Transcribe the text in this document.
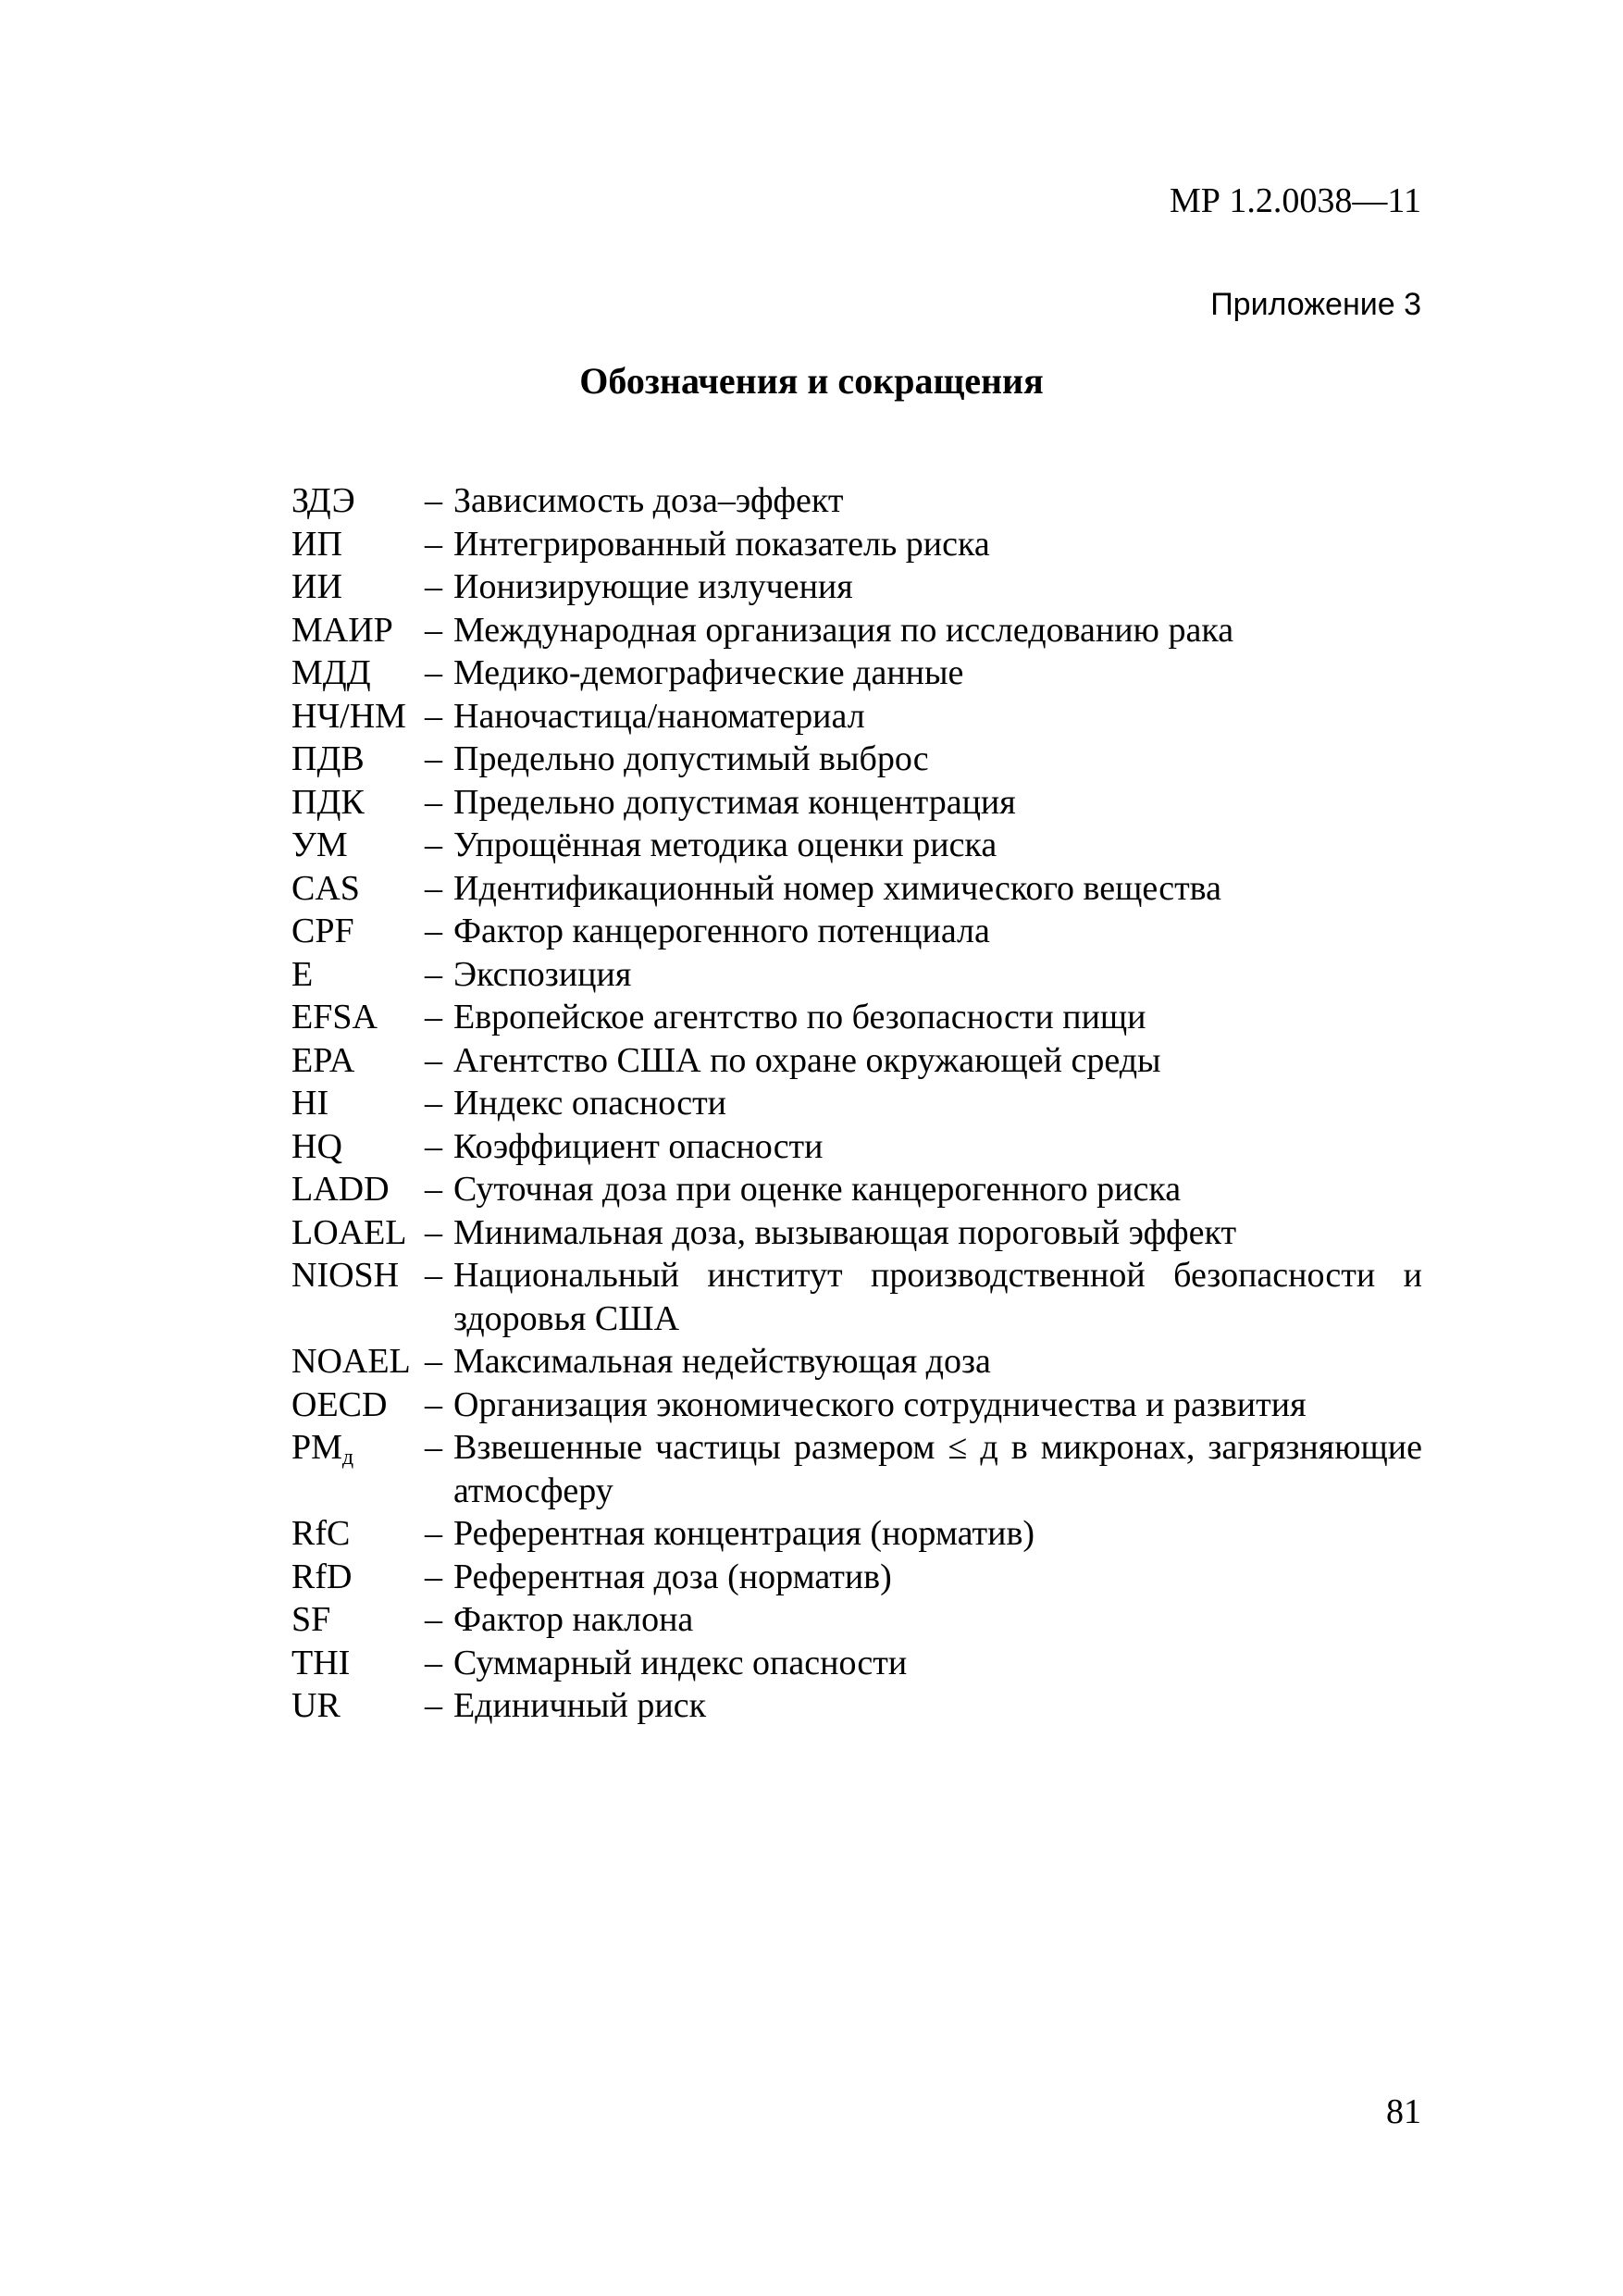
МР 1.2.0038—11
Приложение 3
Обозначения и сокращения
ЗДЭ	– Зависимость доза–эффект
ИП	– Интегрированный показатель риска
ИИ	– Ионизирующие излучения
МАИР – Международная организация по исследованию рака
МДД	– Медико-демографические данные
НЧ/НМ – Наночастица/наноматериал
ПДВ	– Предельно допустимый выброс
ПДК	– Предельно допустимая концентрация
УМ	– Упрощённая методика оценки риска
CAS	– Идентификационный номер химического вещества
CPF	– Фактор канцерогенного потенциала
E	– Экспозиция
EFSA	– Европейское агентство по безопасности пищи
EPA	– Агентство США по охране окружающей среды
HI	– Индекс опасности
HQ	– Коэффициент опасности
LADD	– Суточная доза при оценке канцерогенного риска
LOAEL – Минимальная доза, вызывающая пороговый эффект
NIOSH – Национальный институт производственной безопасности и здоровья США
NOAEL – Максимальная недействующая доза
OECD	– Организация экономического сотрудничества и развития
$PM_д$	– Взвешенные частицы размером ≤ д в микронах, загрязняющие атмосферу
RfC	– Референтная концентрация (норматив)
RfD	– Референтная доза (норматив)
SF	– Фактор наклона
THI	– Суммарный индекс опасности
UR	– Единичный риск
81
